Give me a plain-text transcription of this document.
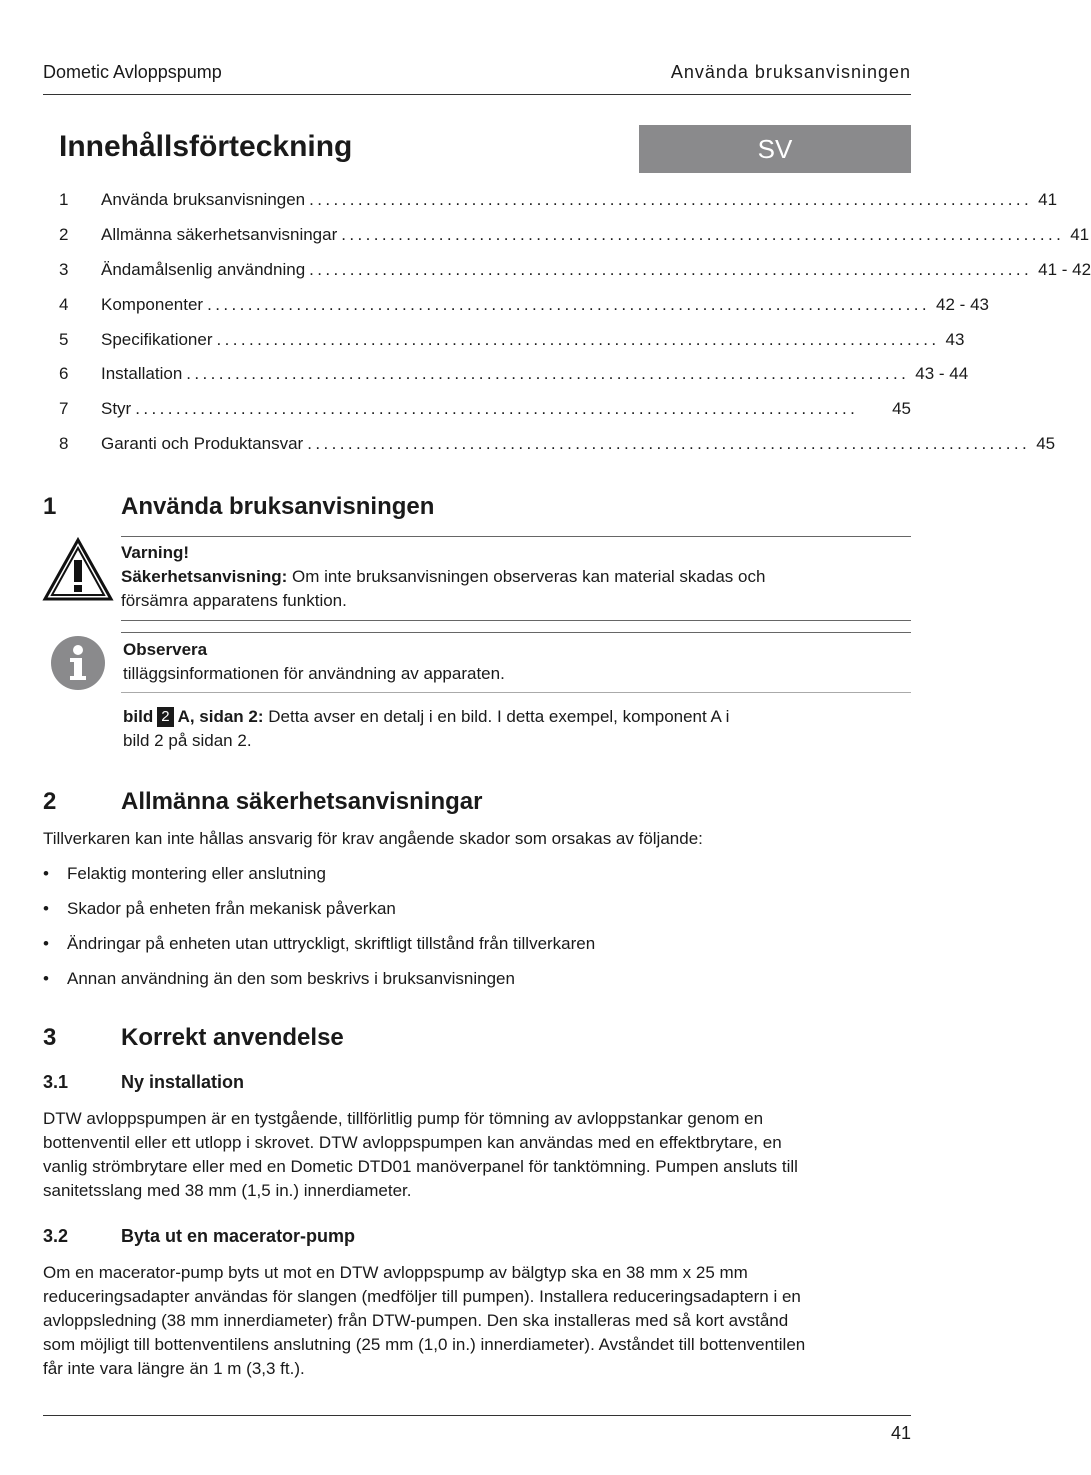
Dometic Avloppspump	Använda bruksanvisningen
Innehållsförteckning	SV
1	Använda bruksanvisningen ......................................................................................... 41
2	Allmänna säkerhetsanvisningar ......................................................................................... 41
3	Ändamålsenlig användning ......................................................................................... 41 - 42
4	Komponenter ......................................................................................... 42 - 43
5	Specifikationer ......................................................................................... 43
6	Installation ......................................................................................... 43 - 44
7	Styr .........................................................................................	45
8	Garanti och Produktansvar ......................................................................................... 45
1	Använda bruksanvisningen
Varning!
Säkerhetsanvisning: Om inte bruksanvisningen observeras kan material skadas och
försämra apparatens funktion.
Observera
tilläggsinformationen för användning av apparaten.
bild 2 A, sidan 2: Detta avser en detalj i en bild. I detta exempel, komponent A i
bild 2 på sidan 2.
2	Allmänna säkerhetsanvisningar
Tillverkaren kan inte hållas ansvarig för krav angående skador som orsakas av följande:
• Felaktig montering eller anslutning
• Skador på enheten från mekanisk påverkan
• Ändringar på enheten utan uttryckligt, skriftligt tillstånd från tillverkaren
• Annan användning än den som beskrivs i bruksanvisningen
3	Korrekt anvendelse
3.1	Ny installation
DTW avloppspumpen är en tystgående, tillförlitlig pump för tömning av avloppstankar genom en
bottenventil eller ett utlopp i skrovet. DTW avloppspumpen kan användas med en effektbrytare, en
vanlig strömbrytare eller med en Dometic DTD01 manöverpanel för tanktömning. Pumpen ansluts till
sanitetsslang med 38 mm (1,5 in.) innerdiameter.
3.2	Byta ut en macerator-pump
Om en macerator-pump byts ut mot en DTW avloppspump av bälgtyp ska en 38 mm x 25 mm
reduceringsadapter användas för slangen (medföljer till pumpen). Installera reduceringsadaptern i en
avloppsledning (38 mm innerdiameter) från DTW-pumpen. Den ska installeras med så kort avstånd
som möjligt till bottenventilens anslutning (25 mm (1,0 in.) innerdiameter). Avståndet till bottenventilen
får inte vara längre än 1 m (3,3 ft.).
41
